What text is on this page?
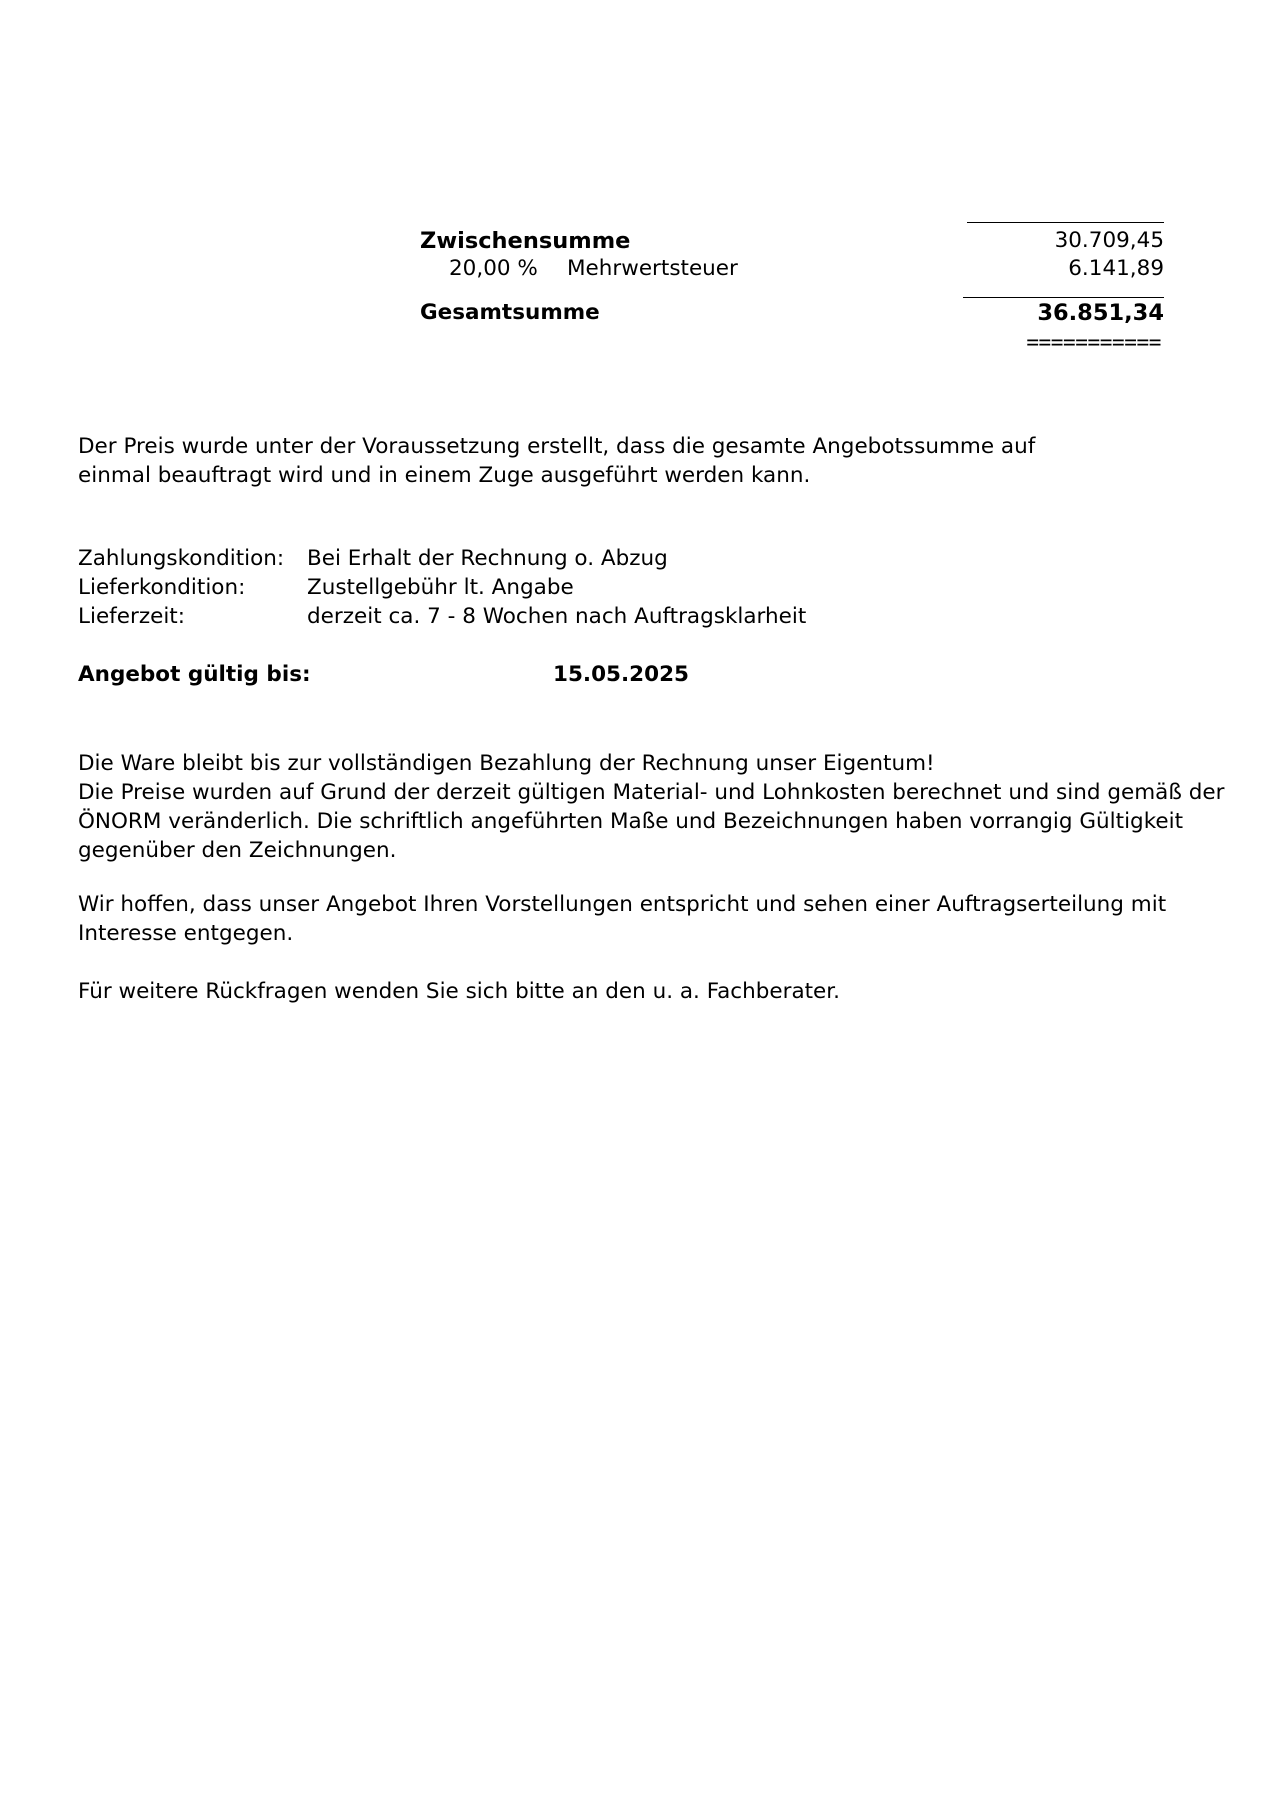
Zwischensumme	30.709,45
20,00 % Mehrwertsteuer	6.141,89
Gesamtsumme	36.851,34
===========
Der Preis wurde unter der Voraussetzung erstellt, dass die gesamte Angebotssumme auf
einmal beauftragt wird und in einem Zuge ausgeführt werden kann.
Zahlungskondition: Bei Erhalt der Rechnung o. Abzug
Lieferkondition:	Zustellgebühr lt. Angabe
Lieferzeit:	derzeit ca. 7 - 8 Wochen nach Auftragsklarheit
Angebot gültig bis:	15.05.2025
Die Ware bleibt bis zur vollständigen Bezahlung der Rechnung unser Eigentum!
Die Preise wurden auf Grund der derzeit gültigen Material- und Lohnkosten berechnet und sind gemäß der
ÖNORM veränderlich. Die schriftlich angeführten Maße und Bezeichnungen haben vorrangig Gültigkeit
gegenüber den Zeichnungen.
Wir hoffen, dass unser Angebot Ihren Vorstellungen entspricht und sehen einer Auftragserteilung mit
Interesse entgegen.
Für weitere Rückfragen wenden Sie sich bitte an den u. a. Fachberater.
